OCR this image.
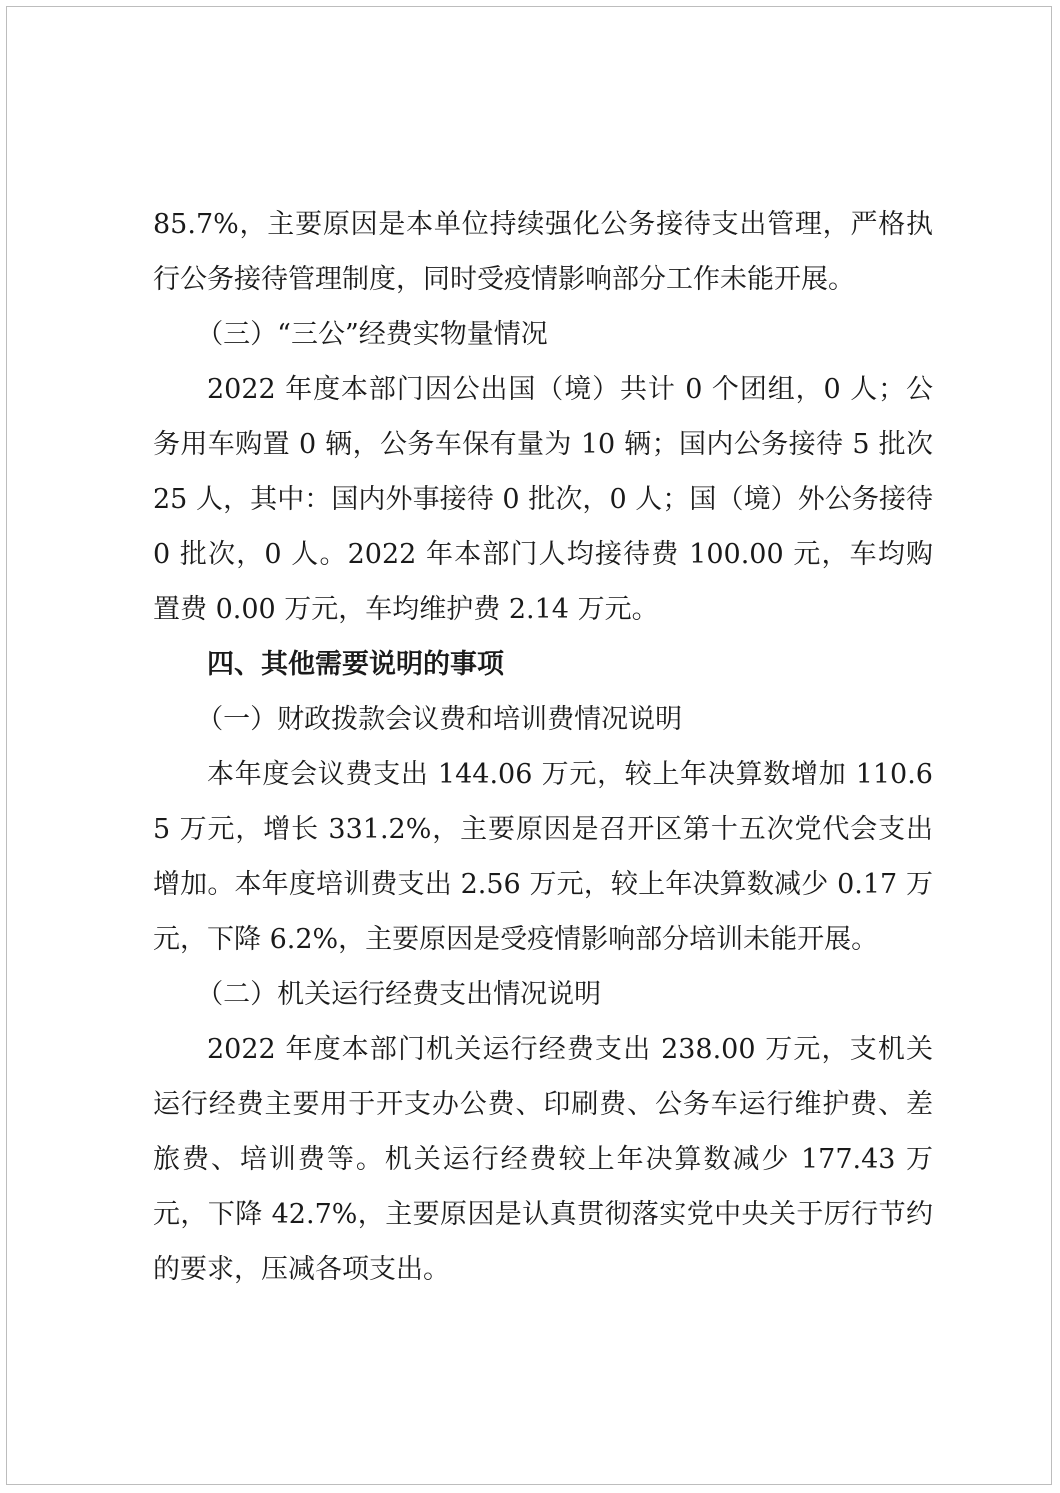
85.7%，主要原因是本单位持续强化公务接待支出管理，严格执行公务接待管理制度，同时受疫情影响部分工作未能开展。

（三）“三公”经费实物量情况

2022 年度本部门因公出国（境）共计 0 个团组，0 人；公务用车购置 0 辆，公务车保有量为 10 辆；国内公务接待 5 批次 25 人，其中：国内外事接待 0 批次，0 人；国（境）外公务接待 0 批次，0 人。2022 年本部门人均接待费 100.00 元，车均购置费 0.00 万元，车均维护费 2.14 万元。

四、其他需要说明的事项

（一）财政拨款会议费和培训费情况说明

本年度会议费支出 144.06 万元，较上年决算数增加 110.65 万元，增长 331.2%，主要原因是召开区第十五次党代会支出增加。本年度培训费支出 2.56 万元，较上年决算数减少 0.17 万元，下降 6.2%，主要原因是受疫情影响部分培训未能开展。

（二）机关运行经费支出情况说明

2022 年度本部门机关运行经费支出 238.00 万元，支机关运行经费主要用于开支办公费、印刷费、公务车运行维护费、差旅费、培训费等。机关运行经费较上年决算数减少 177.43 万元，下降 42.7%，主要原因是认真贯彻落实党中央关于厉行节约的要求，压减各项支出。
